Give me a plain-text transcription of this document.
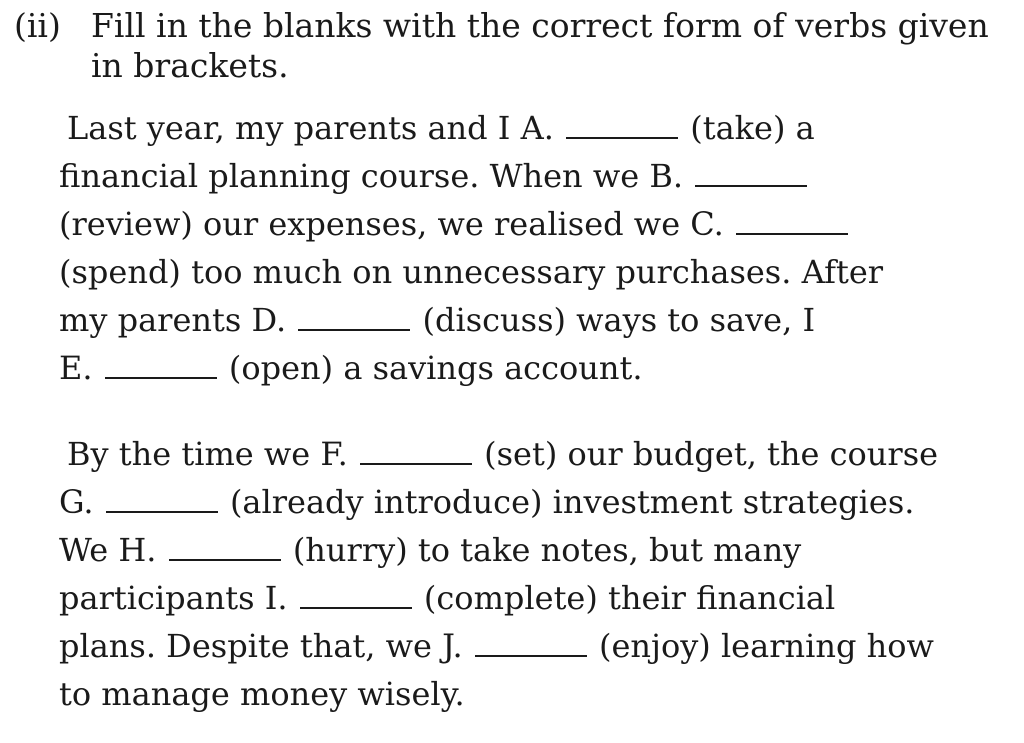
(ii) Fill in the blanks with the correct form of verbs given in brackets.
Last year, my parents and I A.	(take) a
financial planning course. When we B.
(review) our expenses, we realised we C.
(spend) too much on unnecessary purchases. After
my parents D.	(discuss) ways to save, I
E.	(open) a savings account.
By the time we F.	(set) our budget, the course
G.	(already introduce) investment strategies.
We H.	(hurry) to take notes, but many
participants I.	(complete) their financial
plans. Despite that, we J.	(enjoy) learning how
to manage money wisely.
